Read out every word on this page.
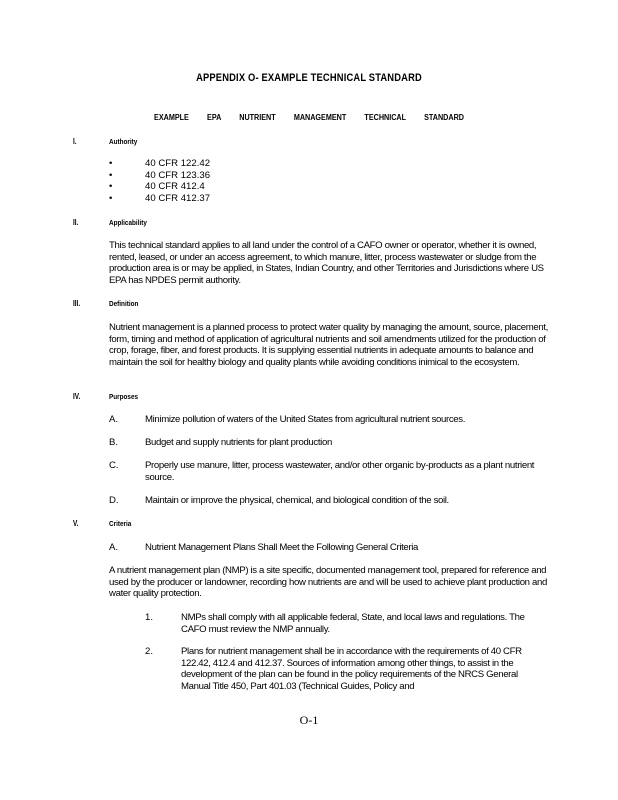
APPENDIX O- EXAMPLE TECHNICAL STANDARD
EXAMPLE EPA NUTRIENT MANAGEMENT TECHNICAL STANDARD
I.	Authority
•	40 CFR 122.42
•	40 CFR 123.36
•	40 CFR 412.4
•	40 CFR 412.37
II.	Applicability
This technical standard applies to all land under the control of a CAFO owner or operator, whether it is owned, rented, leased, or under an access agreement, to which manure, litter, process wastewater or sludge from the production area is or may be applied, in States, Indian Country, and other Territories and Jurisdictions where US EPA has NPDES permit authority.
III.	Definition
Nutrient management is a planned process to protect water quality by managing the amount, source, placement, form, timing and method of application of agricultural nutrients and soil amendments utilized for the production of crop, forage, fiber, and forest products. It is supplying essential nutrients in adequate amounts to balance and maintain the soil for healthy biology and quality plants while avoiding conditions inimical to the ecosystem.
IV.	Purposes
A.	Minimize pollution of waters of the United States from agricultural nutrient sources.
B.	Budget and supply nutrients for plant production
C.	Properly use manure, litter, process wastewater, and/or other organic by-products as a plant nutrient source.
D.	Maintain or improve the physical, chemical, and biological condition of the soil.
V.	Criteria
A.	Nutrient Management Plans Shall Meet the Following General Criteria
A nutrient management plan (NMP) is a site specific, documented management tool, prepared for reference and used by the producer or landowner, recording how nutrients are and will be used to achieve plant production and water quality protection.
1.	NMPs shall comply with all applicable federal, State, and local laws and regulations. The CAFO must review the NMP annually.
2.	Plans for nutrient management shall be in accordance with the requirements of 40 CFR 122.42, 412.4 and 412.37. Sources of information among other things, to assist in the development of the plan can be found in the policy requirements of the NRCS General Manual Title 450, Part 401.03 (Technical Guides, Policy and
O-1
